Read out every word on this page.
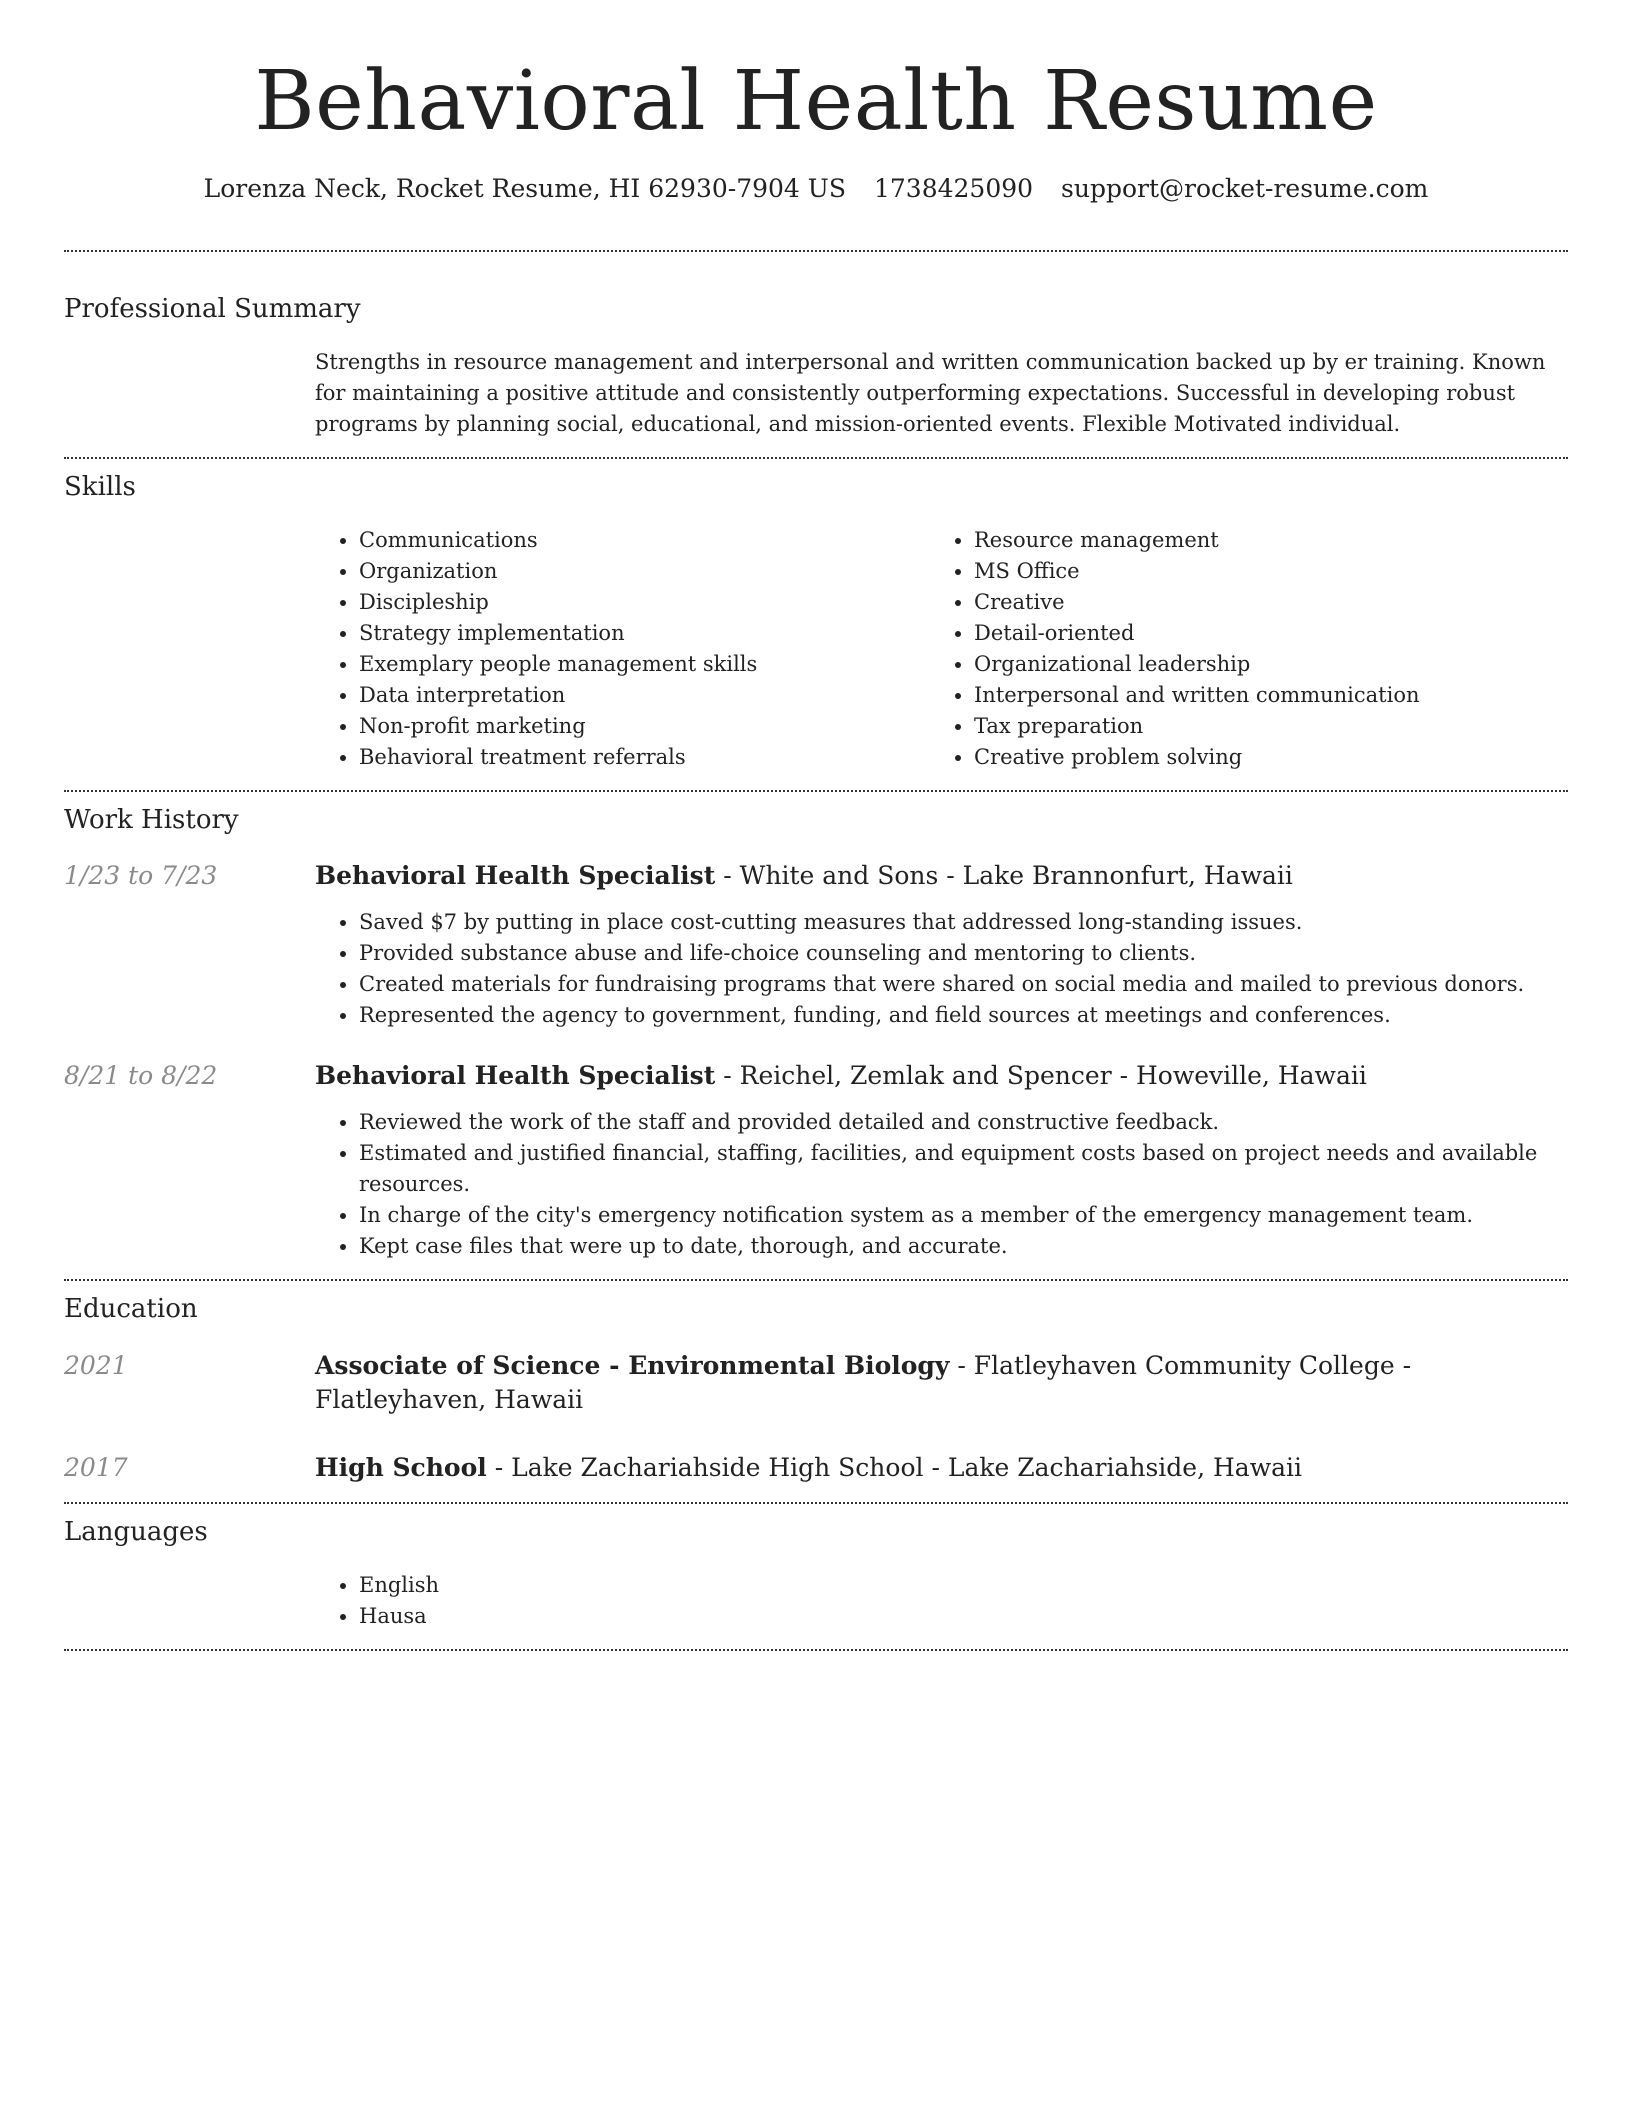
Behavioral Health Resume
Lorenza Neck, Rocket Resume, HI 62930-7904 US 1738425090 support@rocket-resume.com
Professional Summary

Strengths in resource management and interpersonal and written communication backed up by er training. Known for maintaining a positive attitude and consistently outperforming expectations. Successful in developing robust programs by planning social, educational, and mission-oriented events. Flexible Motivated individual.

Skills
• Communications
• Organization
• Discipleship
• Strategy implementation
• Exemplary people management skills
• Data interpretation
• Non-profit marketing
• Behavioral treatment referrals
• Resource management
• MS Office
• Creative
• Detail-oriented
• Organizational leadership
• Interpersonal and written communication
• Tax preparation
• Creative problem solving
Work History
1/23 to 7/23	Behavioral Health Specialist - White and Sons - Lake Brannonfurt, Hawaii
• Saved $7 by putting in place cost-cutting measures that addressed long-standing issues.
• Provided substance abuse and life-choice counseling and mentoring to clients.
• Created materials for fundraising programs that were shared on social media and mailed to previous donors.
• Represented the agency to government, funding, and field sources at meetings and conferences.
8/21 to 8/22	Behavioral Health Specialist - Reichel, Zemlak and Spencer - Howeville, Hawaii
• Reviewed the work of the staff and provided detailed and constructive feedback.
• Estimated and justified financial, staffing, facilities, and equipment costs based on project needs and available resources.
• In charge of the city's emergency notification system as a member of the emergency management team.
• Kept case files that were up to date, thorough, and accurate.
Education
2021	Associate of Science - Environmental Biology - Flatleyhaven Community College - Flatleyhaven, Hawaii
2017	High School - Lake Zachariahside High School - Lake Zachariahside, Hawaii
Languages
• English
• Hausa
